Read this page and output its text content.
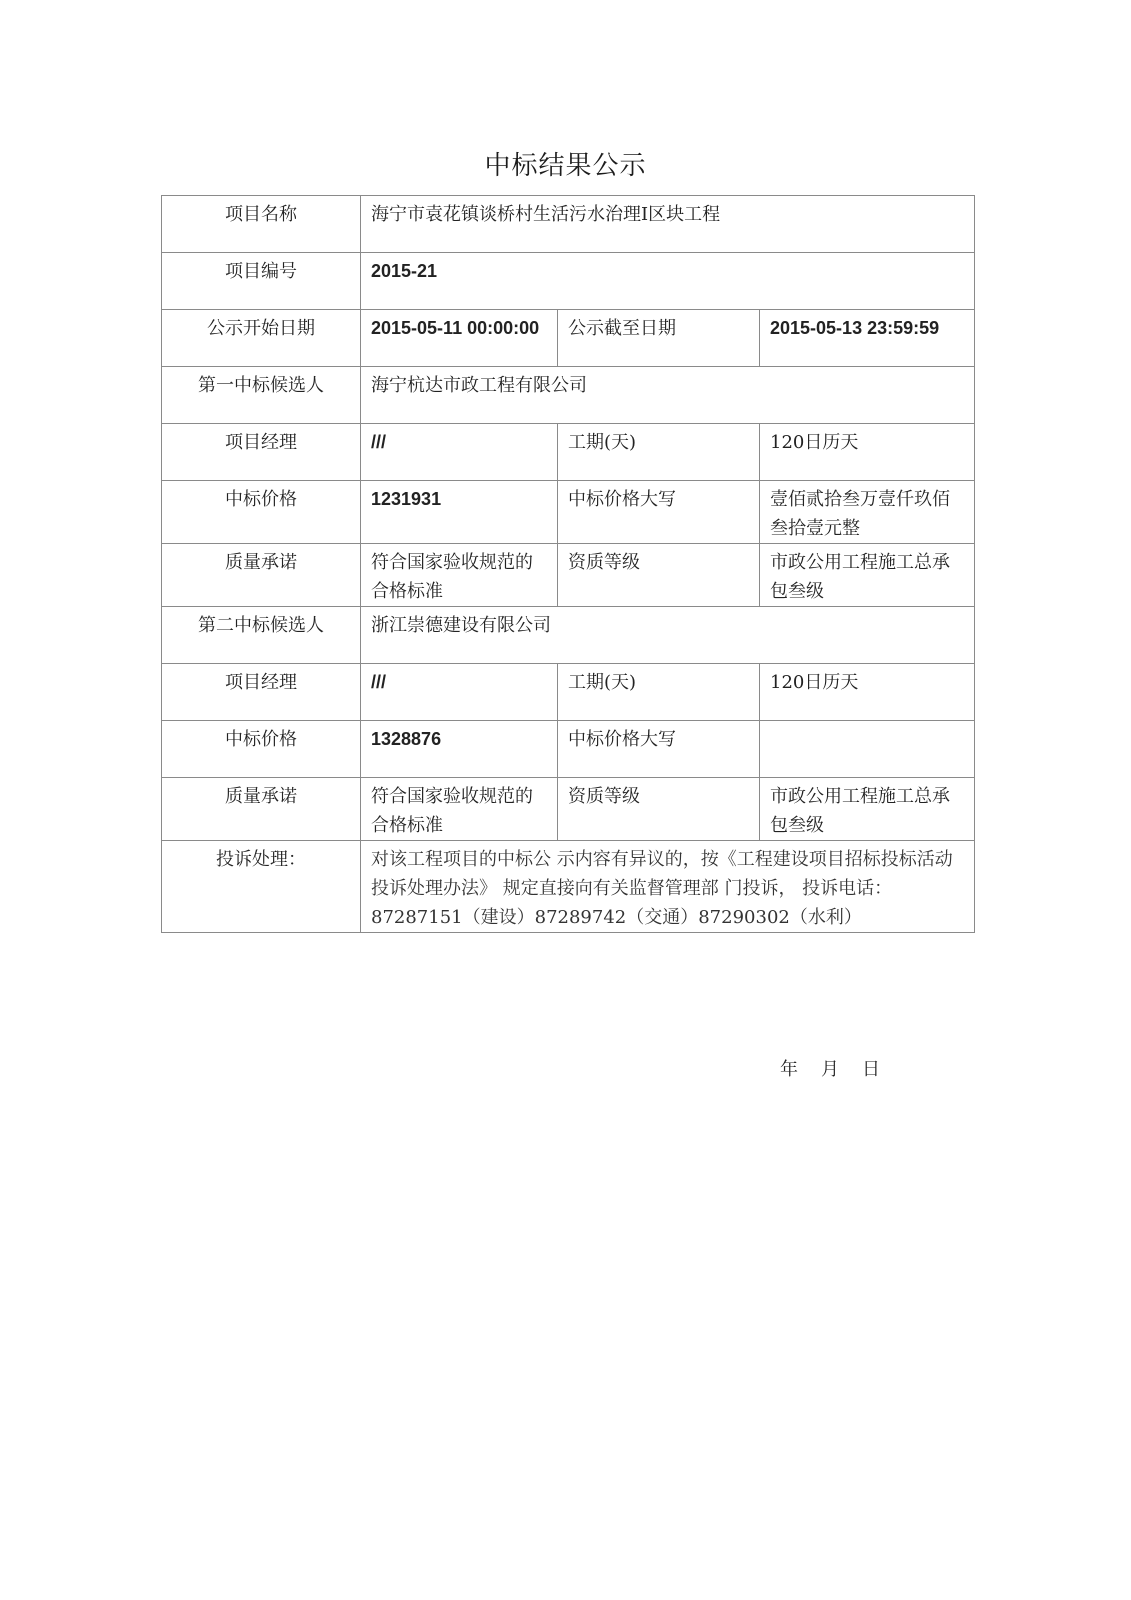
中标结果公示
项目名称	海宁市袁花镇谈桥村生活污水治理Ⅰ区块工程		
项目编号	2015-21		
公示开始日期	2015-05-11 00:00:00	公示截至日期	2015-05-13 23:59:59
第一中标候选人	海宁杭达市政工程有限公司		
项目经理	///	工期(天)	120日历天
中标价格	1231931	中标价格大写	壹佰贰拾叁万壹仟玖佰叁拾壹元整
质量承诺	符合国家验收规范的合格标准	资质等级	市政公用工程施工总承包叁级
第二中标候选人	浙江崇德建设有限公司		
项目经理	///	工期(天)	120日历天
中标价格	1328876	中标价格大写	
质量承诺	符合国家验收规范的合格标准	资质等级	市政公用工程施工总承包叁级
投诉处理：	对该工程项目的中标公 示内容有异议的，按《工程建设项目招标投标活动投诉处理办法》 规定直接向有关监督管理部 门投诉， 投诉电话：87287151（建设）87289742（交通）87290302（水利）		
年 月 日
